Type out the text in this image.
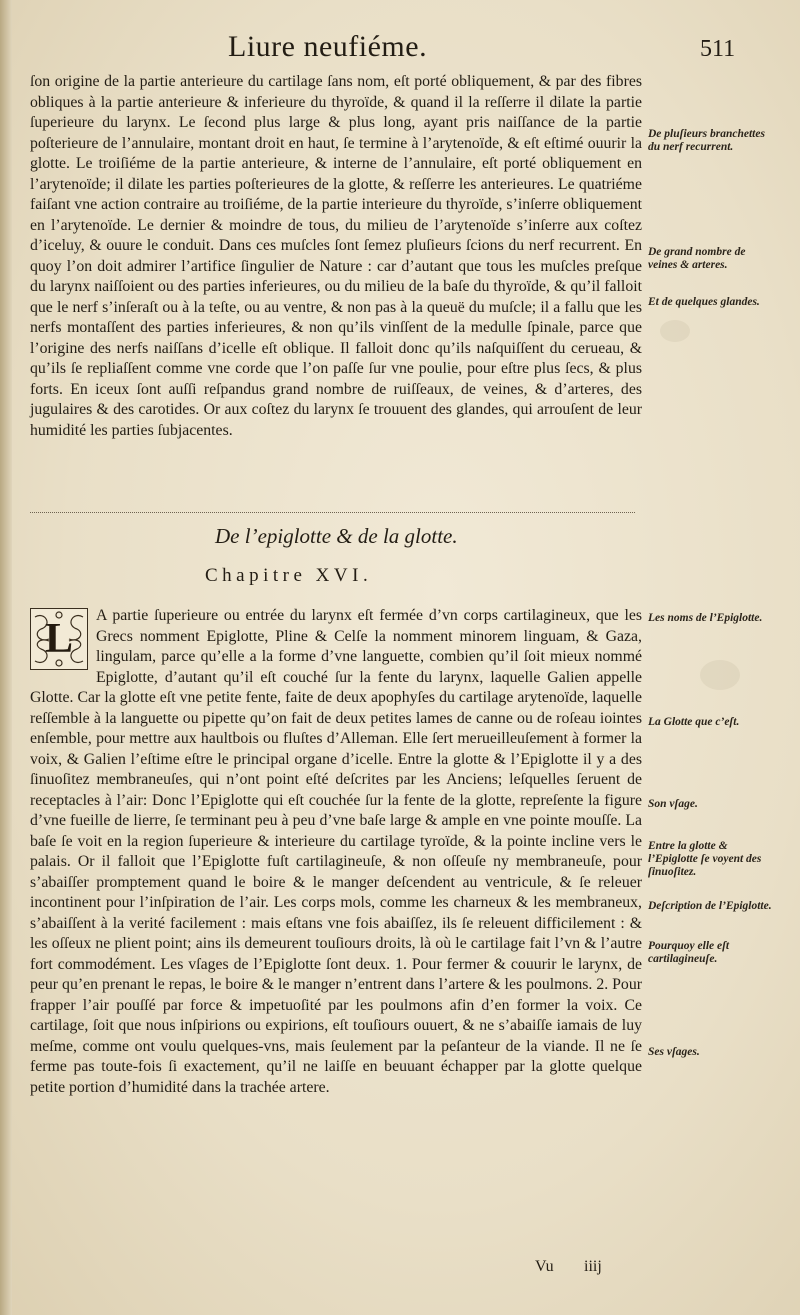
Liure neufiéme.	511

ſon origine de la partie anterieure du cartilage ſans nom, eſt porté obliquement, & par des fibres obliques à la partie anterieure & inferieure du thyroïde, & quand il la reſſerre il dilate la partie ſuperieure du larynx. Le ſecond plus large & plus long, ayant pris naiſſance de la partie poſterieure de l’annulaire, montant droit en haut, ſe termine à l’arytenoïde, & eſt eſtimé ouurir la glotte. Le troiſiéme de la partie anterieure, & interne de l’annulaire, eſt porté obliquement en l’arytenoïde; il dilate les parties poſterieures de la glotte, & reſſerre les anterieures. Le quatriéme faiſant vne action contraire au troiſiéme, de la partie interieure du thyroïde, s’inſerre obliquement en l’arytenoïde. Le dernier & moindre de tous, du milieu de l’arytenoïde s’inſerre aux coſtez d’iceluy, & ouure le conduit. Dans ces muſcles ſont ſemez pluſieurs ſcions du nerf recurrent. En quoy l’on doit admirer l’artifice ſingulier de Nature : car d’autant que tous les muſcles preſque du larynx naiſſoient ou des parties inferieures, ou du milieu de la baſe du thyroïde, & qu’il falloit que le nerf s’inſeraſt ou à la teſte, ou au ventre, & non pas à la queuë du muſcle; il a fallu que les nerfs montaſſent des parties inferieures, & non qu’ils vinſſent de la medulle ſpinale, parce que l’origine des nerfs naiſſans d’icelle eſt oblique. Il falloit donc qu’ils naſquiſſent du cerueau, & qu’ils ſe repliaſſent comme vne corde que l’on paſſe ſur vne poulie, pour eſtre plus ſecs, & plus forts. En iceux ſont auſſi reſpandus grand nombre de ruiſſeaux, de veines, & d’arteres, des jugulaires & des carotides. Or aux coſtez du larynx ſe trouuent des glandes, qui arrouſent de leur humidité les parties ſubjacentes.

De pluſieurs branchettes du nerf recurrent.
De grand nombre de veines & arteres.
Et de quelques glandes.
De l’epiglotte & de la glotte.
Chapitre XVI.
L
A partie ſuperieure ou entrée du larynx eſt fermée d’vn corps cartilagineux, que les Grecs nomment Epiglotte, Pline & Celſe la nomment minorem linguam, & Gaza, lingulam, parce qu’elle a la forme d’vne languette, combien qu’il ſoit mieux nommé Epiglotte, d’autant qu’il eſt couché ſur la fente du larynx, laquelle Galien appelle Glotte. Car la glotte eſt vne petite fente, faite de deux apophyſes du cartilage arytenoïde, laquelle reſſemble à la languette ou pipette qu’on fait de deux petites lames de canne ou de roſeau iointes enſemble, pour mettre aux haultbois ou fluſtes d’Alleman. Elle ſert merueilleuſement à former la voix, & Galien l’eſtime eſtre le principal organe d’icelle. Entre la glotte & l’Epiglotte il y a des ſinuoſitez membraneuſes, qui n’ont point eſté deſcrites par les Anciens; leſquelles ſeruent de receptacles à l’air: Donc l’Epiglotte qui eſt couchée ſur la fente de la glotte, repreſente la figure d’vne fueille de lierre, ſe terminant peu à peu d’vne baſe large & ample en vne pointe mouſſe. La baſe ſe voit en la region ſuperieure & interieure du cartilage tyroïde, & la pointe incline vers le palais. Or il falloit que l’Epiglotte fuſt cartilagineuſe, & non oſſeuſe ny membraneuſe, pour s’abaiſſer promptement quand le boire & le manger deſcendent au ventricule, & ſe releuer incontinent pour l’inſpiration de l’air. Les corps mols, comme les charneux & les membraneux, s’abaiſſent à la verité facilement : mais eſtans vne fois abaiſſez, ils ſe releuent difficilement : & les oſſeux ne plient point; ains ils demeurent touſiours droits, là où le cartilage fait l’vn & l’autre fort commodément. Les vſages de l’Epiglotte ſont deux. 1. Pour fermer & couurir le larynx, de peur qu’en prenant le repas, le boire & le manger n’entrent dans l’artere & les poulmons. 2. Pour frapper l’air pouſſé par force & impetuoſité par les poulmons afin d’en former la voix. Ce cartilage, ſoit que nous inſpirions ou expirions, eſt touſiours ouuert, & ne s’abaiſſe iamais de luy meſme, comme ont voulu quelques-vns, mais ſeulement par la peſanteur de la viande. Il ne ſe ferme pas toute-fois ſi exactement, qu’il ne laiſſe en beuuant échapper par la glotte quelque petite portion d’humidité dans la trachée artere.
Les noms de l’Epiglotte.
La Glotte que c’eſt.
Son vſage.
Entre la glotte & l’Epiglotte ſe voyent des ſinuoſitez.
Deſcription de l’Epiglotte.
Pourquoy elle eſt cartilagineuſe.
Ses vſages.
Vu iiij
